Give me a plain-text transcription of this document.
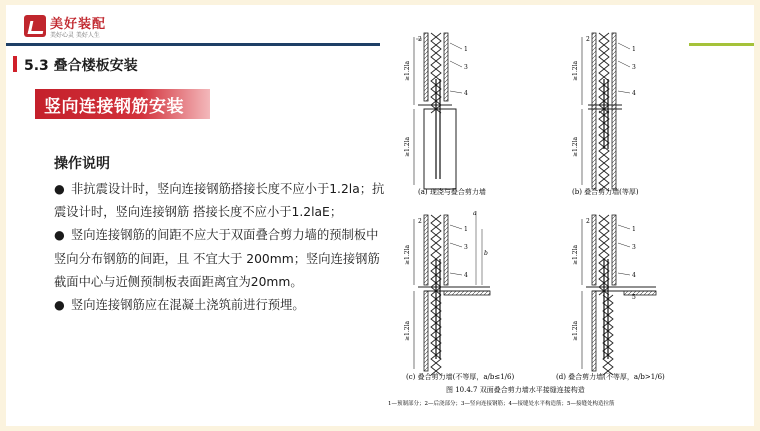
美好装配
美好心灵 美好人生
5.3 叠合楼板安装
竖向连接钢筋安装
操作说明

● 非抗震设计时，竖向连接钢筋搭接长度不应小于1.2la；抗震设计时，竖向连接钢筋 搭接长度不应小于1.2laE；

● 竖向连接钢筋的间距不应大于双面叠合剪力墙的预制板中竖向分布钢筋的间距，且 不宜大于 200mm；竖向连接钢筋截面中心与近侧预制板表面距离宜为20mm。

● 竖向连接钢筋应在混凝土浇筑前进行预埋。

≥1.2la
≥1.2la
2
1
3
4
(a) 现浇与叠合剪力墙
≥1.2la
≥1.2la
2
1
3
4
(b) 叠合剪力墙(等厚)
≥1.2la
≥1.2la
2
1
3
4
a
b
(c) 叠合剪力墙(不等厚，a/b≤1/6)
≥1.2la
≥1.2la
2
1
3
4
5
(d) 叠合剪力墙(不等厚，a/b>1/6)
图 10.4.7 双面叠合剪力墙水平接缝连接构造
1—预制部分；2—后浇部分；3—竖向连接钢筋；4—接缝处水平构造筋；5—接缝处构造拉筋
